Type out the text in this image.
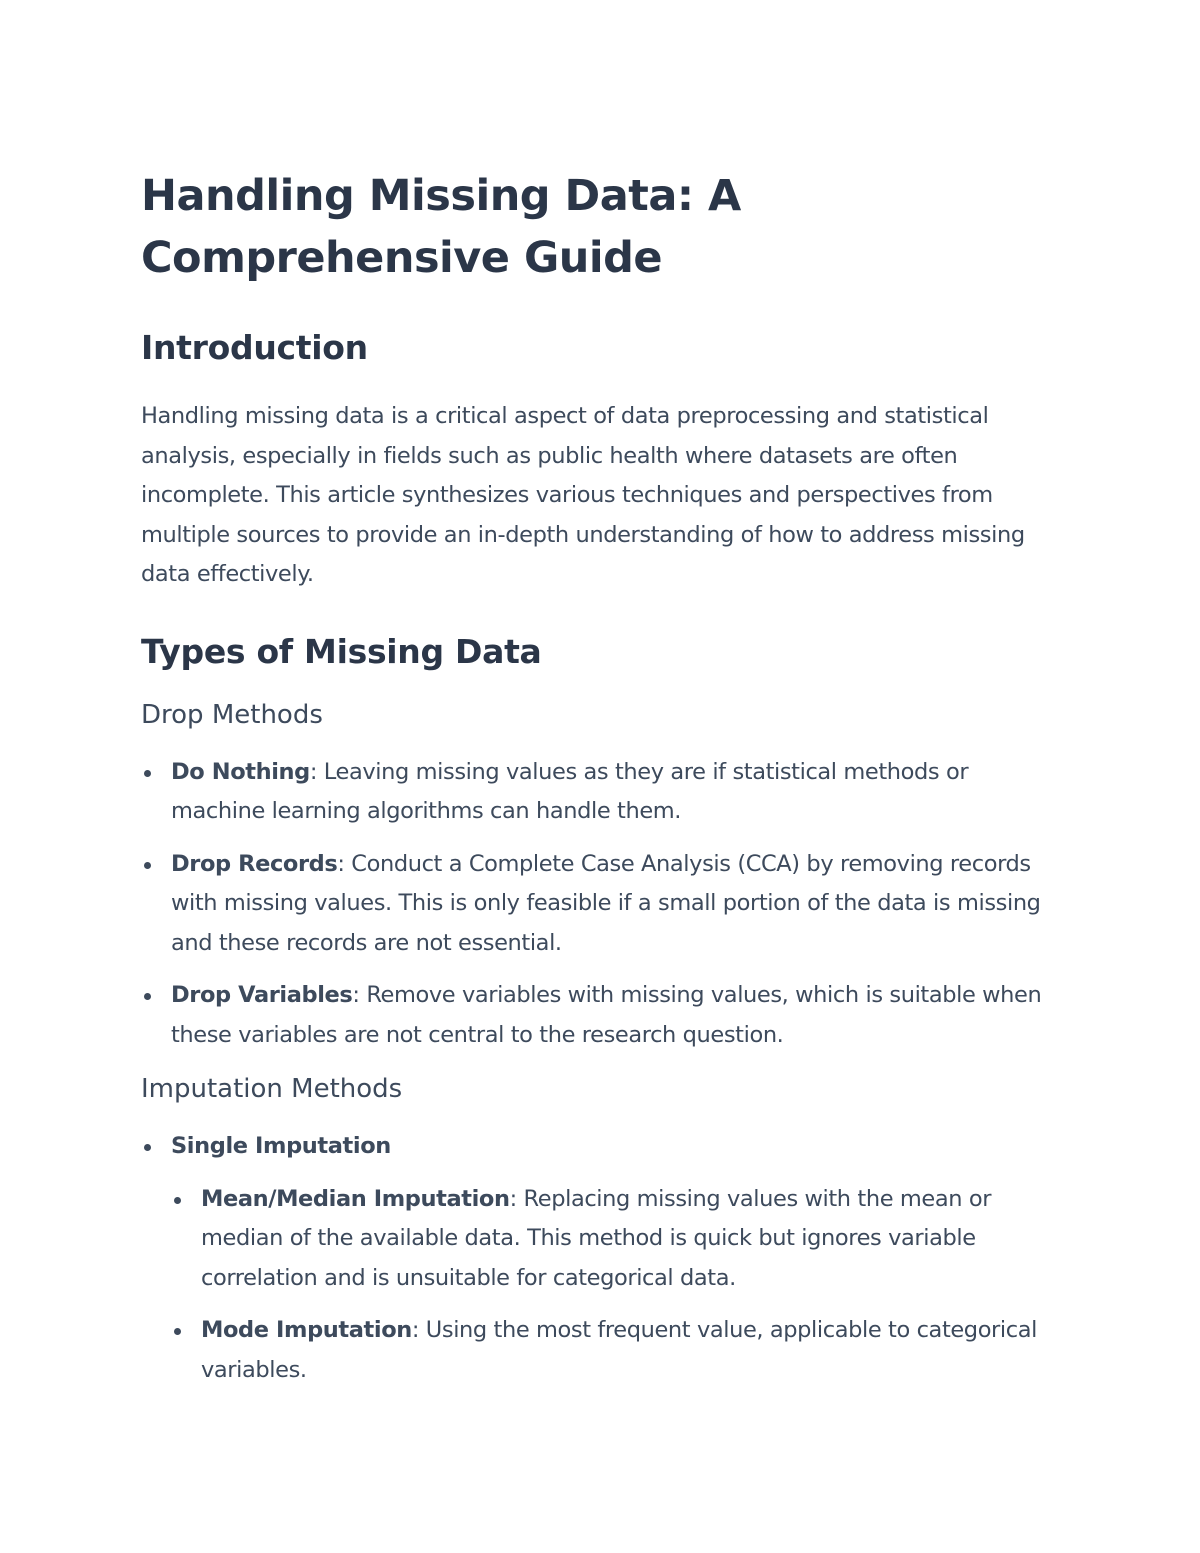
Handling Missing Data: A Comprehensive Guide
Introduction

Handling missing data is a critical aspect of data preprocessing and statistical analysis, especially in fields such as public health where datasets are often incomplete. This article synthesizes various techniques and perspectives from multiple sources to provide an in-depth understanding of how to address missing data effectively.

Types of Missing Data
Drop Methods
Do Nothing: Leaving missing values as they are if statistical methods or machine learning algorithms can handle them.
Drop Records: Conduct a Complete Case Analysis (CCA) by removing records with missing values. This is only feasible if a small portion of the data is missing and these records are not essential.
Drop Variables: Remove variables with missing values, which is suitable when these variables are not central to the research question.
Imputation Methods
Single Imputation
Mean/Median Imputation: Replacing missing values with the mean or median of the available data. This method is quick but ignores variable correlation and is unsuitable for categorical data.
Mode Imputation: Using the most frequent value, applicable to categorical variables.
